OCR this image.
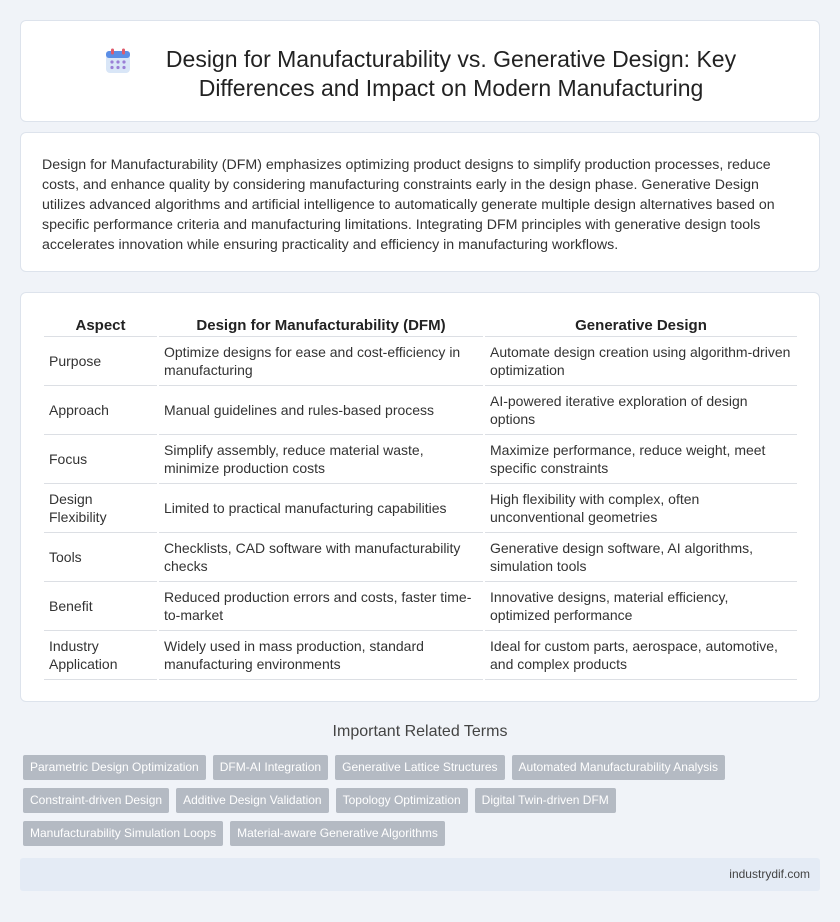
Design for Manufacturability vs. Generative Design: Key Differences and Impact on Modern Manufacturing

Design for Manufacturability (DFM) emphasizes optimizing product designs to simplify production processes, reduce costs, and enhance quality by considering manufacturing constraints early in the design phase. Generative Design utilizes advanced algorithms and artificial intelligence to automatically generate multiple design alternatives based on specific performance criteria and manufacturing limitations. Integrating DFM principles with generative design tools accelerates innovation while ensuring practicality and efficiency in manufacturing workflows.

Aspect	Design for Manufacturability (DFM)	Generative Design
Purpose	Optimize designs for ease and cost-efficiency in manufacturing	Automate design creation using algorithm-driven optimization
Approach	Manual guidelines and rules-based process	AI-powered iterative exploration of design options
Focus	Simplify assembly, reduce material waste, minimize production costs	Maximize performance, reduce weight, meet specific constraints
Design Flexibility	Limited to practical manufacturing capabilities	High flexibility with complex, often unconventional geometries
Tools	Checklists, CAD software with manufacturability checks	Generative design software, AI algorithms, simulation tools
Benefit	Reduced production errors and costs, faster time-to-market	Innovative designs, material efficiency, optimized performance
Industry Application	Widely used in mass production, standard manufacturing environments	Ideal for custom parts, aerospace, automotive, and complex products
Important Related Terms
Parametric Design Optimization	DFM-AI Integration	Generative Lattice Structures	Automated Manufacturability Analysis
Constraint-driven Design	Additive Design Validation	Topology Optimization	Digital Twin-driven DFM
Manufacturability Simulation Loops	Material-aware Generative Algorithms
industrydif.com
